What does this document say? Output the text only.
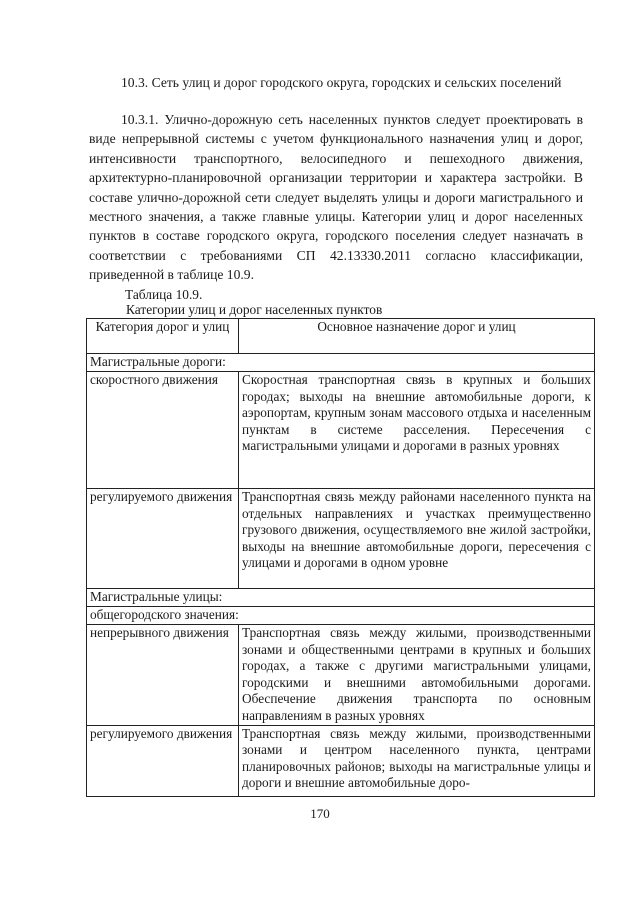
10.3. Сеть улиц и дорог городского округа, городских и сельских поселений

10.3.1. Улично-дорожную сеть населенных пунктов следует проектировать в виде непрерывной системы с учетом функционального назначения улиц и дорог, интенсивности транспортного, велосипедного и пешеходного движения, архитектурно-планировочной организации территории и характера застройки. В составе улично-дорожной сети следует выделять улицы и дороги магистрального и местного значения, а также главные улицы. Категории улиц и дорог населенных пунктов в составе городского округа, городского поселения следует назначать в соответствии с требованиями СП 42.13330.2011 согласно классификации, приведенной в таблице 10.9.

Таблица 10.9.
Категории улиц и дорог населенных пунктов
Категория дорог и улиц	Основное назначение дорог и улиц
Магистральные дороги:	
скоростного движения	Скоростная транспортная связь в крупных и больших городах; выходы на внешние автомобильные дороги, к аэропортам, крупным зонам массового отдыха и населенным пунктам в системе расселения. Пересечения с магистральными улицами и дорогами в разных уровнях
регулируемого движения	Транспортная связь между районами населенного пункта на отдельных направлениях и участках преимущественно грузового движения, осуществляемого вне жилой застройки, выходы на внешние автомобильные дороги, пересечения с улицами и дорогами в одном уровне
Магистральные улицы:	
общегородского значения:	
непрерывного движения	Транспортная связь между жилыми, производственными зонами и общественными центрами в крупных и больших городах, а также с другими магистральными улицами, городскими и внешними автомобильными дорогами. Обеспечение движения транспорта по основным направлениям в разных уровнях
регулируемого движения	Транспортная связь между жилыми, производственными зонами и центром населенного пункта, центрами планировочных районов; выходы на магистральные улицы и дороги и внешние автомобильные доро-
170
